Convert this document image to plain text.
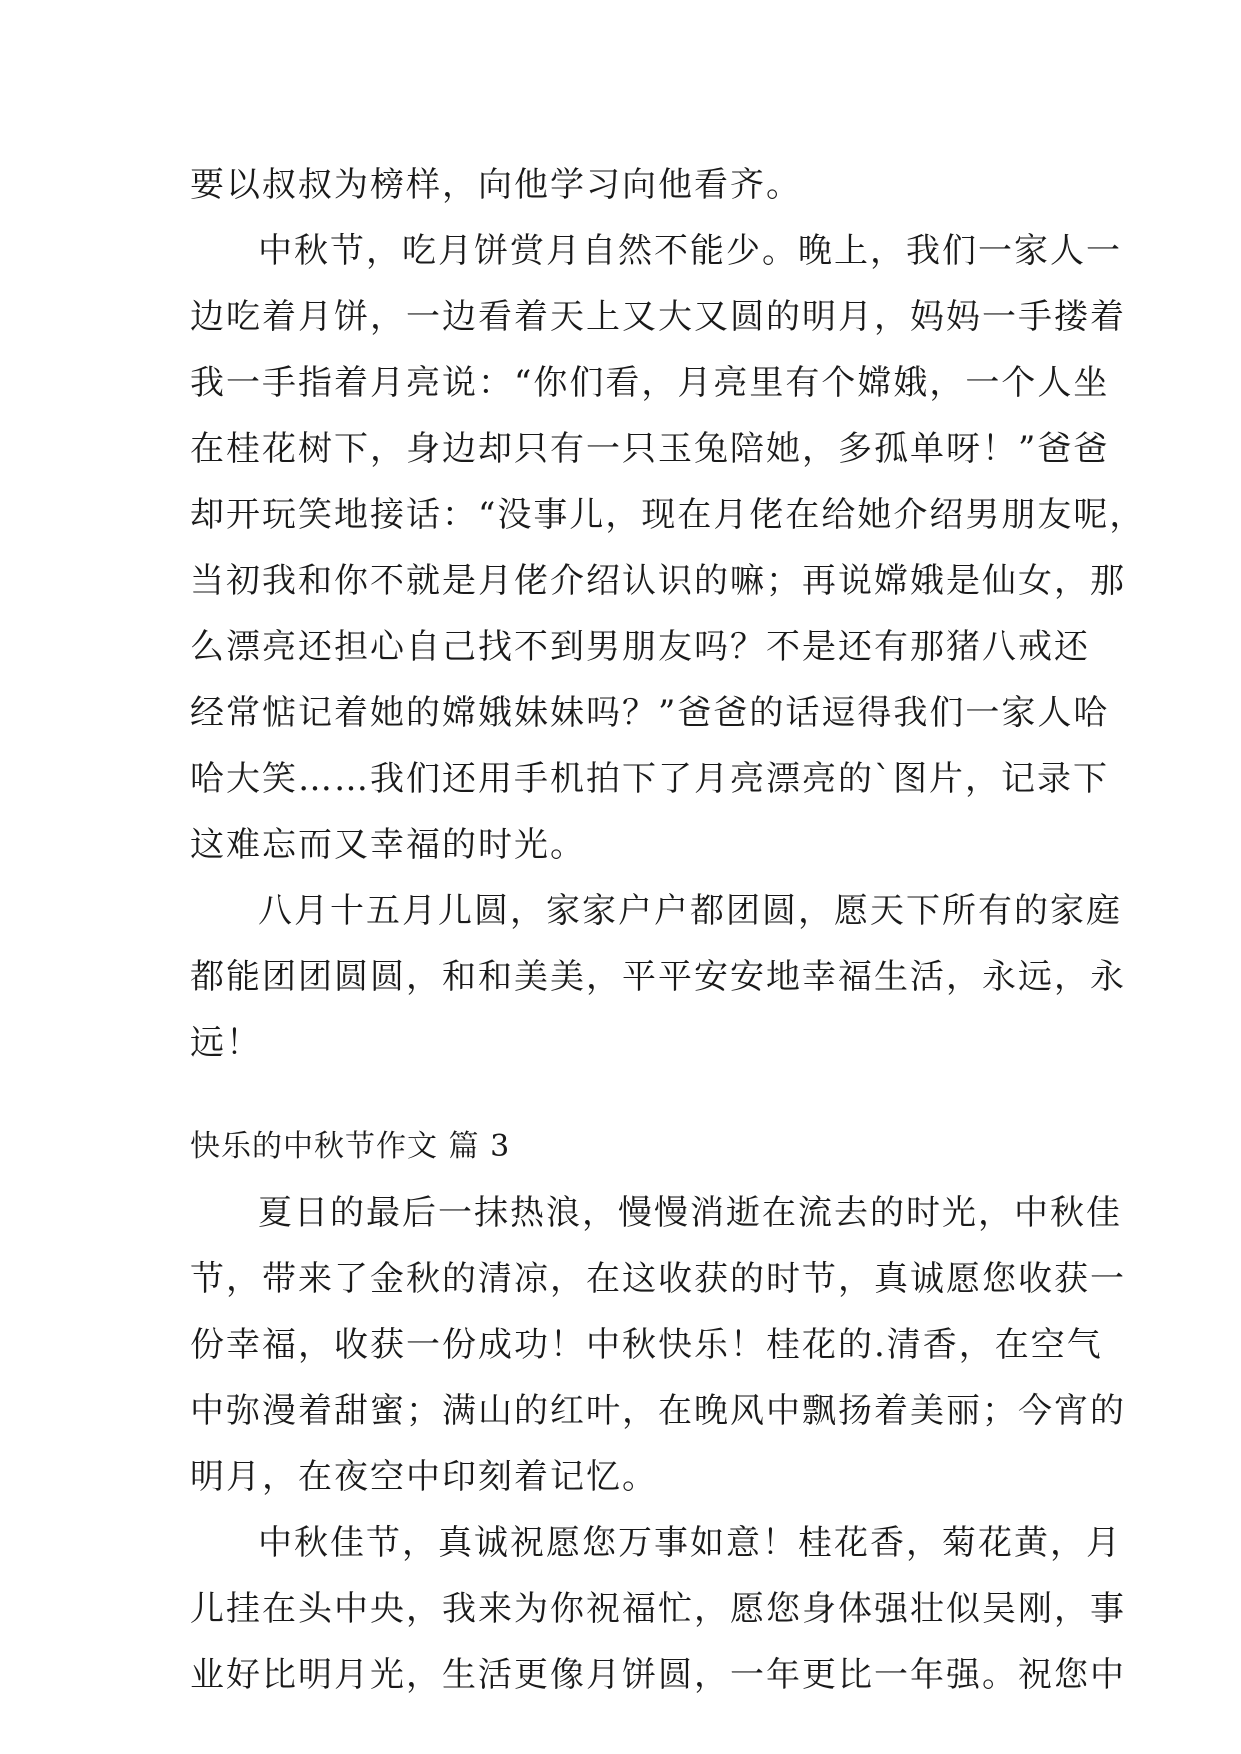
要以叔叔为榜样，向他学习向他看齐。
中秋节，吃月饼赏月自然不能少。晚上，我们一家人一
边吃着月饼，一边看着天上又大又圆的明月，妈妈一手搂着
我一手指着月亮说：“你们看，月亮里有个嫦娥，一个人坐
在桂花树下，身边却只有一只玉兔陪她，多孤单呀！”爸爸
却开玩笑地接话：“没事儿，现在月佬在给她介绍男朋友呢，
当初我和你不就是月佬介绍认识的嘛；再说嫦娥是仙女，那
么漂亮还担心自己找不到男朋友吗？不是还有那猪八戒还
经常惦记着她的嫦娥妹妹吗？”爸爸的话逗得我们一家人哈
哈大笑……我们还用手机拍下了月亮漂亮的`图片，记录下
这难忘而又幸福的时光。
八月十五月儿圆，家家户户都团圆，愿天下所有的家庭
都能团团圆圆，和和美美，平平安安地幸福生活，永远，永
远！
快乐的中秋节作文 篇 3
夏日的最后一抹热浪，慢慢消逝在流去的时光，中秋佳
节，带来了金秋的清凉，在这收获的时节，真诚愿您收获一
份幸福，收获一份成功！中秋快乐！桂花的.清香，在空气
中弥漫着甜蜜；满山的红叶，在晚风中飘扬着美丽；今宵的
明月，在夜空中印刻着记忆。
中秋佳节，真诚祝愿您万事如意！桂花香，菊花黄，月
儿挂在头中央，我来为你祝福忙，愿您身体强壮似吴刚，事
业好比明月光，生活更像月饼圆，一年更比一年强。祝您中
